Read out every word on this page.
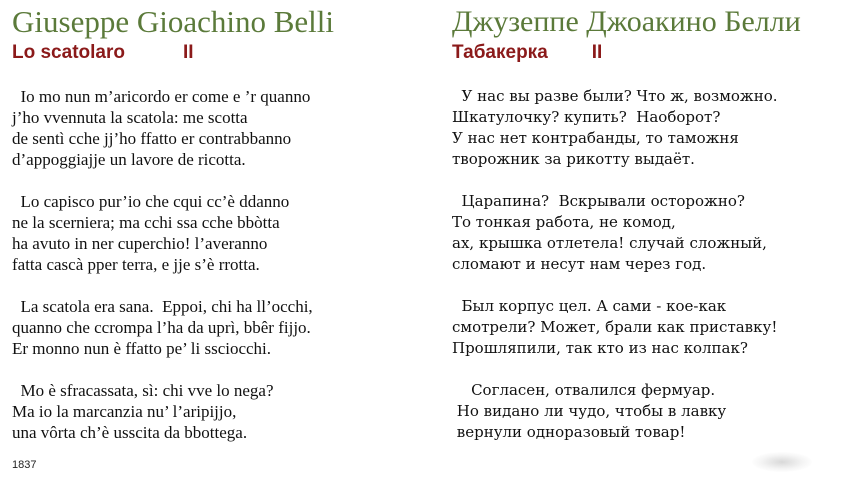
Giuseppe Gioachino Belli
Lo scatolaro	II
Io mo nun m’aricordo er come e ’r quanno
j’ho vvennuta la scatola: me scotta
de sentì cche jj’ho ffatto er contrabbanno
d’appoggiajje un lavore de ricotta.
Lo capisco pur’io che cqui cc’è ddanno
ne la scerniera; ma cchi ssa cche bbòtta
ha avuto in ner cuperchio! l’averanno
fatta cascà pper terra, e jje s’è rrotta.
La scatola era sana.  Eppoi, chi ha ll’occhi,
quanno che ccrompa l’ha da uprì, bbêr fijjo.
Er monno nun è ffatto pe’ li ssciocchi.
Mo è sfracassata, sì: chi vve lo nega?
Ma io la marcanzia nu’ l’aripijjo,
una vôrta ch’è usscita da bbottega.
Джузеппе Джоакино Белли
Табакерка II
У нас вы разве были? Что ж, возможно.
Шкатулочку? купить?  Наоборот?
У нас нет контрабанды, то таможня
творожник за рикотту выдаёт.
Царапина?  Вскрывали осторожно?
То тонкая работа, не комод,
ах, крышка отлетела! случай сложный,
сломают и несут нам через год.
Был корпус цел. А сами - кое-как
смотрели? Может, брали как приставку!
Прошляпили, так кто из нас колпак?
Согласен, отвалился фермуар.
Но видано ли чудо, чтобы в лавку
вернули одноразовый товар!
1837
